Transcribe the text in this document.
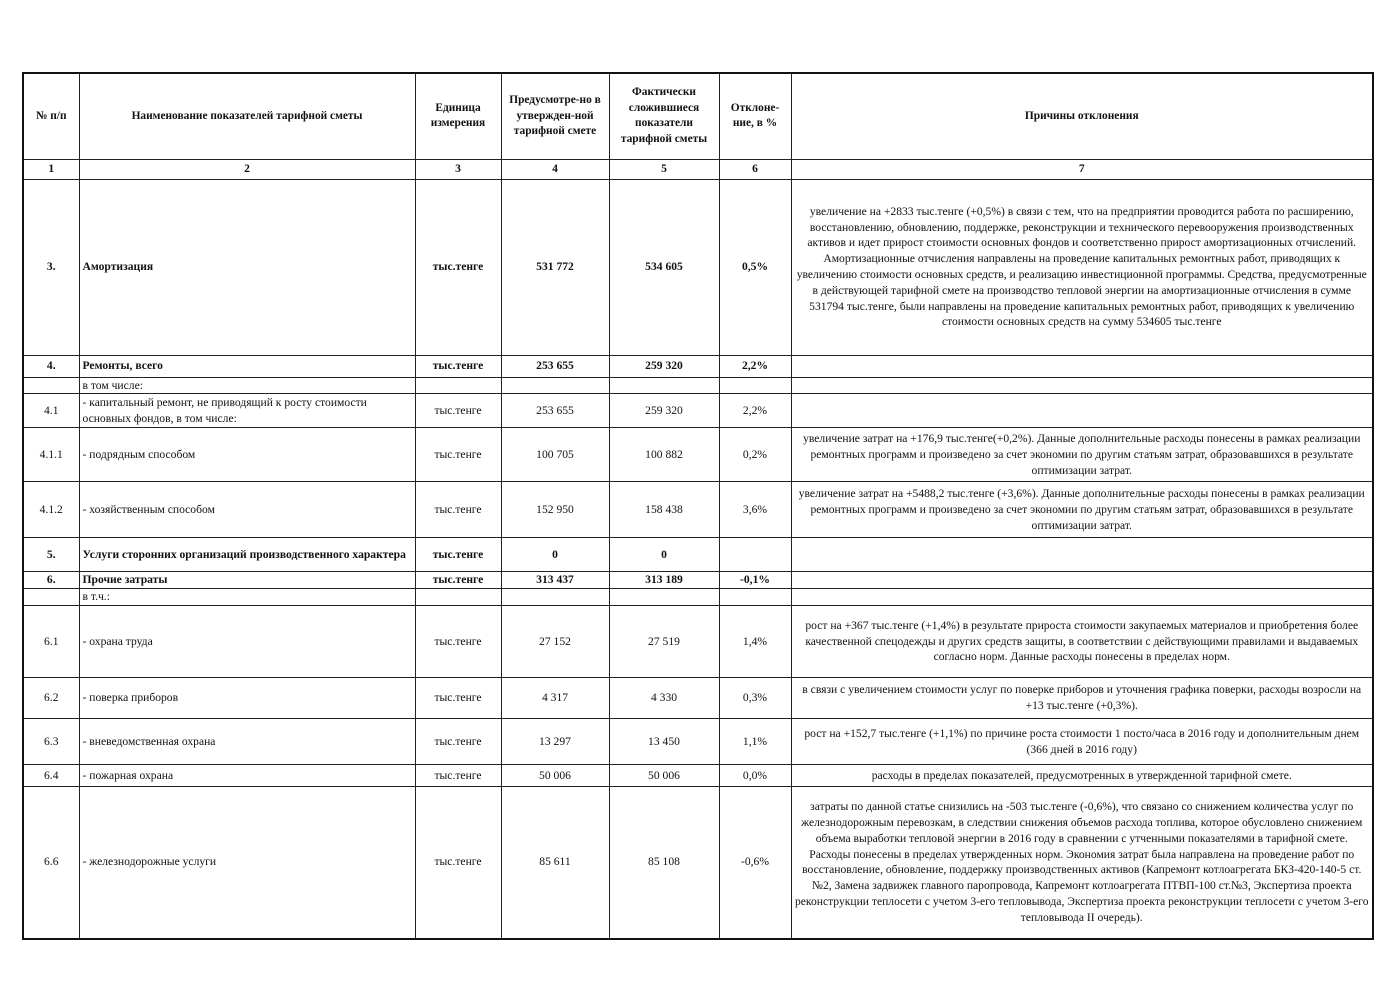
№ п/п	Наименование показателей тарифной сметы	Единица измерения	Предусмотре-но в утвержден-ной тарифной смете	Фактически сложившиеся показатели тарифной сметы	Отклоне-ние, в %	Причины отклонения
1	2	3	4	5	6	7
3.	Амортизация	тыс.тенге	531 772	534 605	0,5%	увеличение на +2833 тыс.тенге (+0,5%) в связи с тем, что на предприятии проводится работа по расширению, восстановлению, обновлению, поддержке, реконструкции и технического перевооружения производственных активов и идет прирост стоимости основных фондов и соответственно прирост амортизационных отчислений. Амортизационные отчисления направлены на проведение капитальных ремонтных работ, приводящих к увеличению стоимости основных средств, и реализацию инвестиционной программы. Средства, предусмотренные в действующей тарифной смете на производство тепловой энергии на амортизационные отчисления в сумме 531794 тыс.тенге, были направлены на проведение капитальных ремонтных работ, приводящих к увеличению стоимости основных средств на сумму 534605 тыс.тенге
4.	Ремонты, всего	тыс.тенге	253 655	259 320	2,2%	
	в том числе:					
4.1	- капитальный ремонт, не приводящий к росту стоимости основных фондов, в том числе:	тыс.тенге	253 655	259 320	2,2%	
4.1.1	- подрядным способом	тыс.тенге	100 705	100 882	0,2%	увеличение затрат на +176,9 тыс.тенге(+0,2%). Данные дополнительные расходы понесены в рамках реализации ремонтных программ и произведено за счет экономии по другим статьям затрат, образовавшихся в результате оптимизации затрат.
4.1.2	- хозяйственным способом	тыс.тенге	152 950	158 438	3,6%	увеличение затрат на +5488,2 тыс.тенге (+3,6%). Данные дополнительные расходы понесены в рамках реализации ремонтных программ и произведено за счет экономии по другим статьям затрат, образовавшихся в результате оптимизации затрат.
5.	Услуги сторонних организаций производственного характера	тыс.тенге	0	0		
6.	Прочие затраты	тыс.тенге	313 437	313 189	-0,1%	
	в т.ч.:					
6.1	- охрана труда	тыс.тенге	27 152	27 519	1,4%	рост на +367 тыс.тенге (+1,4%) в результате прироста стоимости закупаемых материалов и приобретения более качественной спецодежды и других средств защиты, в соответствии с действующими правилами и выдаваемых согласно норм. Данные расходы понесены в пределах норм.
6.2	- поверка приборов	тыс.тенге	4 317	4 330	0,3%	в связи с увеличением стоимости услуг по поверке приборов и уточнения графика поверки, расходы возросли на +13 тыс.тенге (+0,3%).
6.3	- вневедомственная охрана	тыс.тенге	13 297	13 450	1,1%	рост на +152,7 тыс.тенге (+1,1%) по причине роста стоимости 1 посто/часа в 2016 году и дополнительным днем (366 дней в 2016 году)
6.4	- пожарная охрана	тыс.тенге	50 006	50 006	0,0%	расходы в пределах показателей, предусмотренных в утвержденной тарифной смете.
6.6	- железнодорожные услуги	тыс.тенге	85 611	85 108	-0,6%	затраты по данной статье снизились на -503 тыс.тенге (-0,6%), что связано со снижением количества услуг по железнодорожным перевозкам, в следствии снижения объемов расхода топлива, которое обусловлено снижением объема выработки тепловой энергии в 2016 году в сравнении с утченными показателями в тарифной смете. Расходы понесены в пределах утвержденных норм. Экономия затрат была направлена на проведение работ по восстановление, обновление, поддержку производственных активов (Капремонт котлоагрегата БКЗ-420-140-5 ст.№2, Замена задвижек главного паропровода, Капремонт котлоагрегата ПТВП-100 ст.№3, Экспертиза проекта реконструкции теплосети с учетом 3-его тепловывода, Экспертиза проекта реконструкции теплосети с учетом 3-его тепловывода II очередь).
